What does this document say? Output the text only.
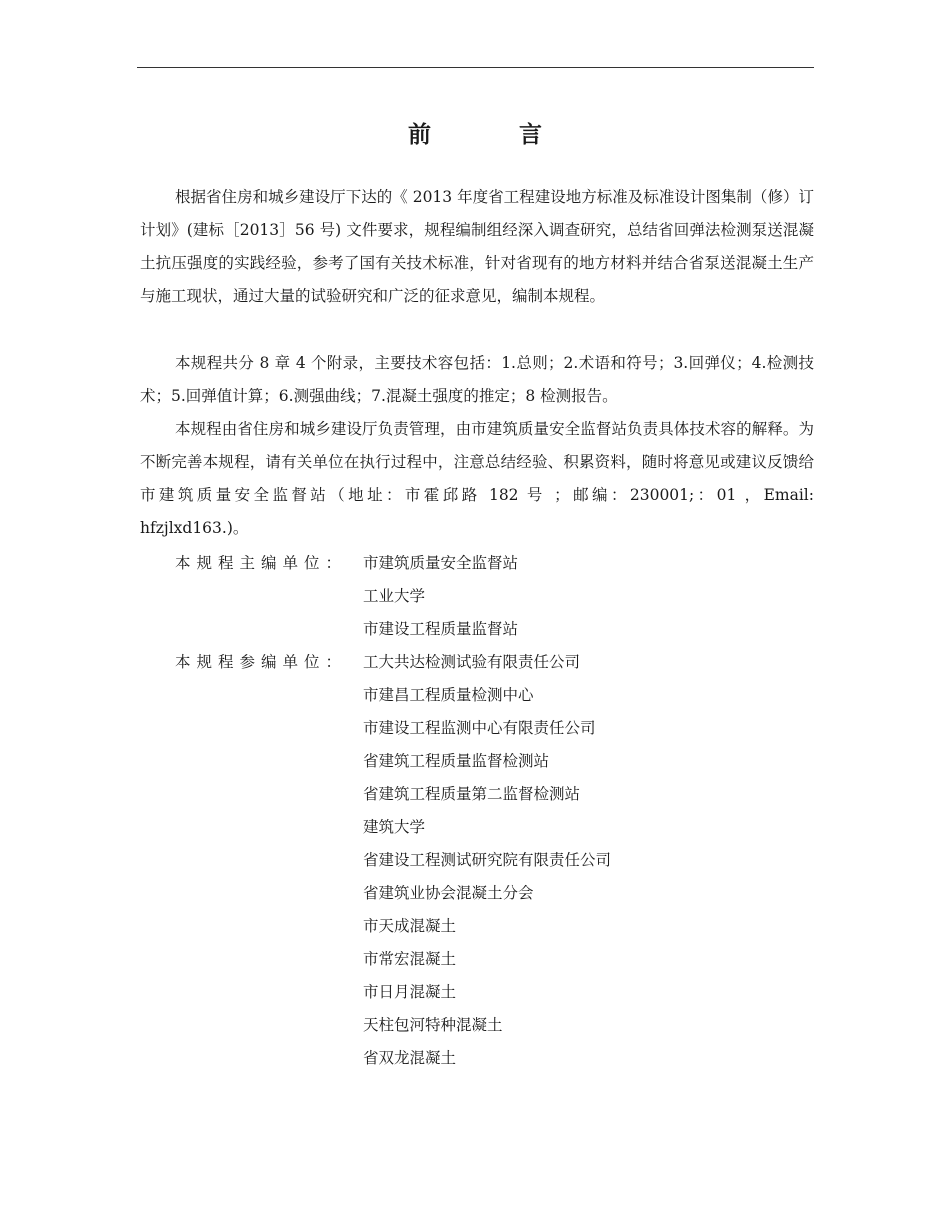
前 言
根据省住房和城乡建设厅下达的《 2013 年度省工程建设地方标准及标准设计图集制（修）订计划》(建标［2013］56 号) 文件要求，规程编制组经深入调查研究，总结省回弹法检测泵送混凝土抗压强度的实践经验，参考了国有关技术标准，针对省现有的地方材料并结合省泵送混凝土生产与施工现状，通过大量的试验研究和广泛的征求意见，编制本规程。
本规程共分 8 章 4 个附录，主要技术容包括：1.总则；2.术语和符号；3.回弹仪；4.检测技术；5.回弹值计算；6.测强曲线；7.混凝土强度的推定；8 检测报告。
本规程由省住房和城乡建设厅负责管理，由市建筑质量安全监督站负责具体技术容的解释。为不断完善本规程，请有关单位在执行过程中，注意总结经验、积累资料，随时将意见或建议反馈给市建筑质量安全监督站（地址：市霍邱路 182 号 ；邮编：230001;：01 ，Email: hfzjlxd163.)。
本规程主编单位：	市建筑质量安全监督站
工业大学
市建设工程质量监督站
本规程参编单位：	工大共达检测试验有限责任公司
市建昌工程质量检测中心
市建设工程监测中心有限责任公司
省建筑工程质量监督检测站
省建筑工程质量第二监督检测站
建筑大学
省建设工程测试研究院有限责任公司
省建筑业协会混凝土分会
市天成混凝土
市常宏混凝土
市日月混凝土
天柱包河特种混凝土
省双龙混凝土
